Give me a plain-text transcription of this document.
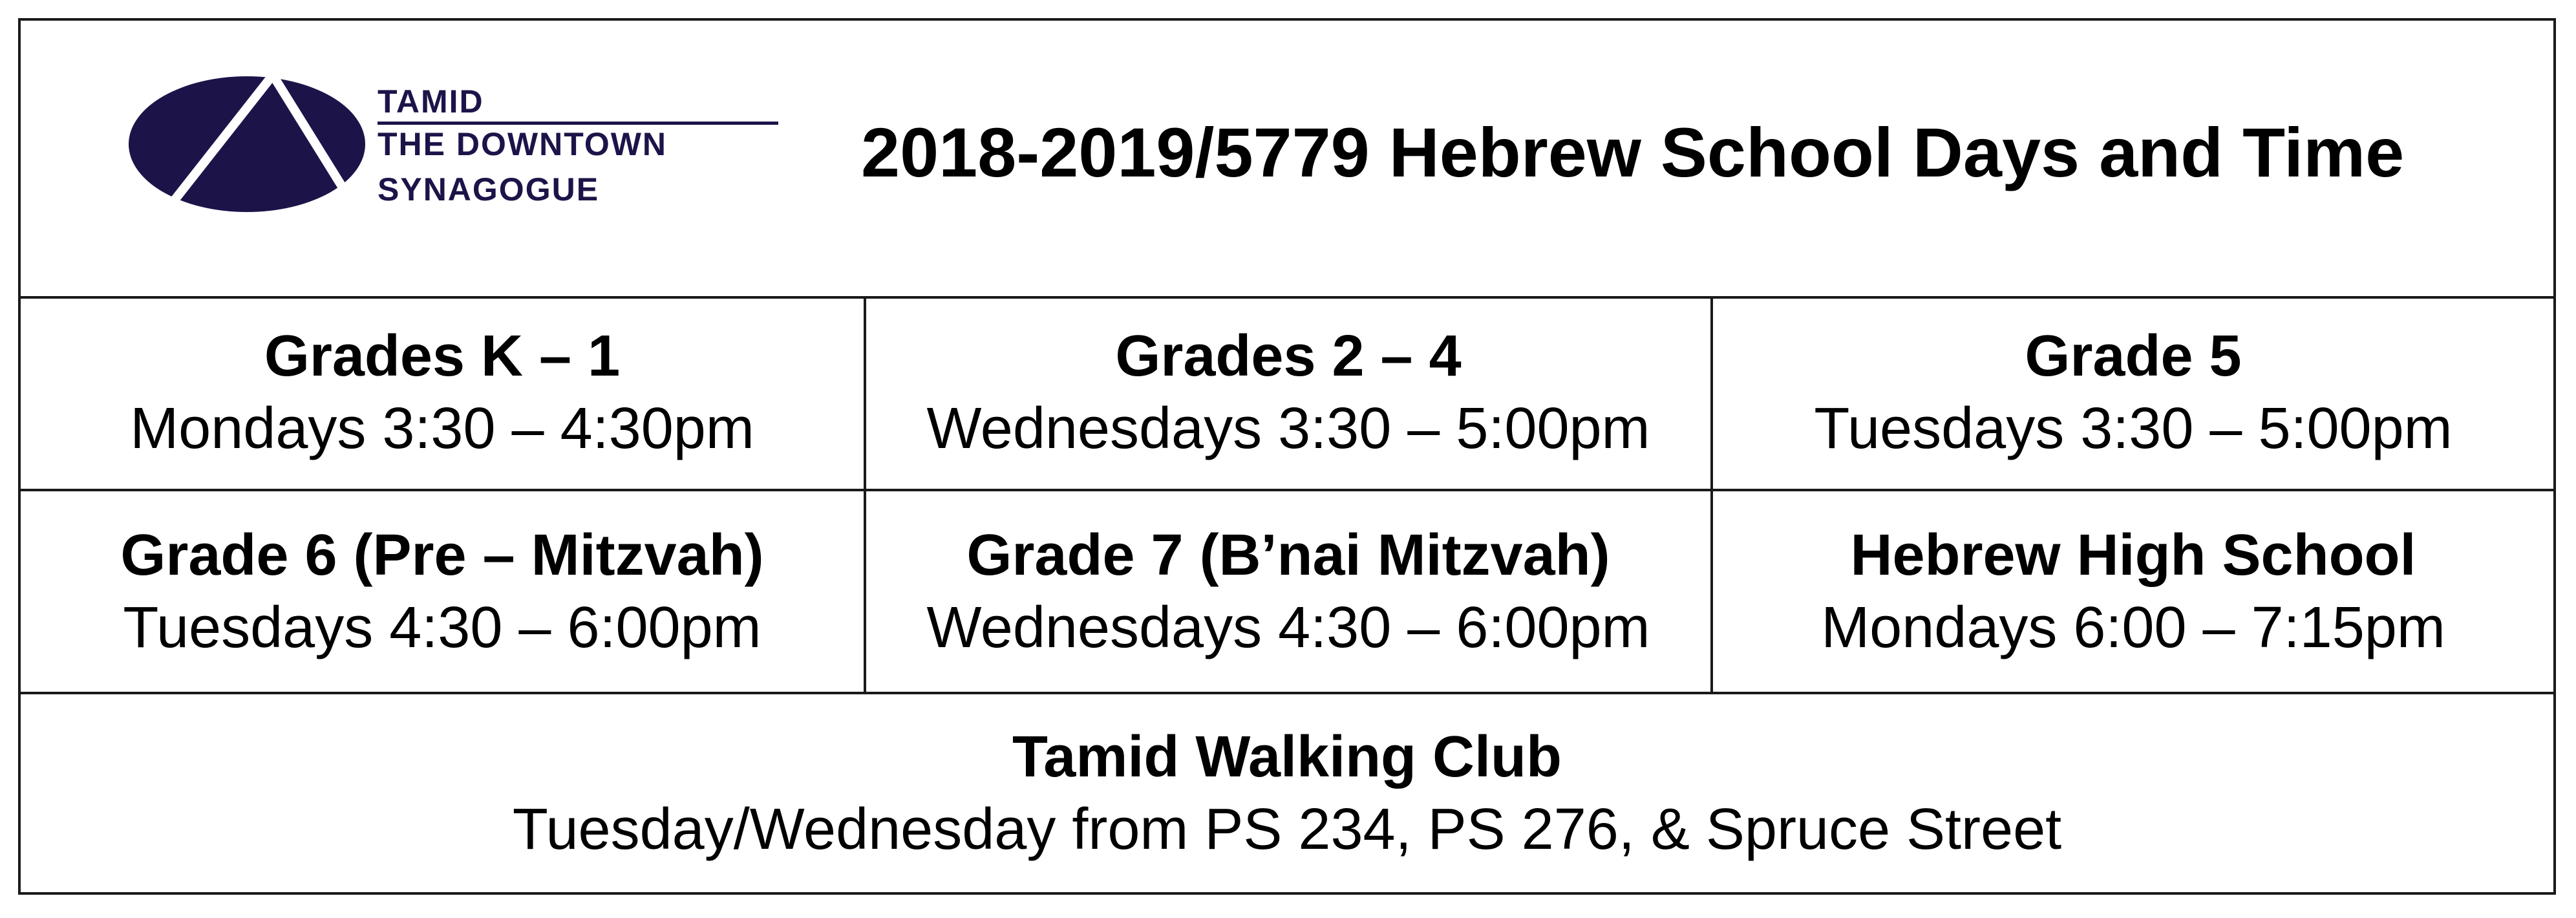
TAMID
THE DOWNTOWN
SYNAGOGUE	2018-2019/5779 Hebrew School Days and Time
Grades K – 1
Mondays 3:30 – 4:30pm
Grades 2 – 4
Wednesdays 3:30 – 5:00pm
Grade 5
Tuesdays 3:30 – 5:00pm
Grade 6 (Pre – Mitzvah)
Tuesdays 4:30 – 6:00pm
Grade 7 (B’nai Mitzvah)
Wednesdays 4:30 – 6:00pm
Hebrew High School
Mondays 6:00 – 7:15pm
Tamid Walking Club
Tuesday/Wednesday from PS 234, PS 276, & Spruce Street
